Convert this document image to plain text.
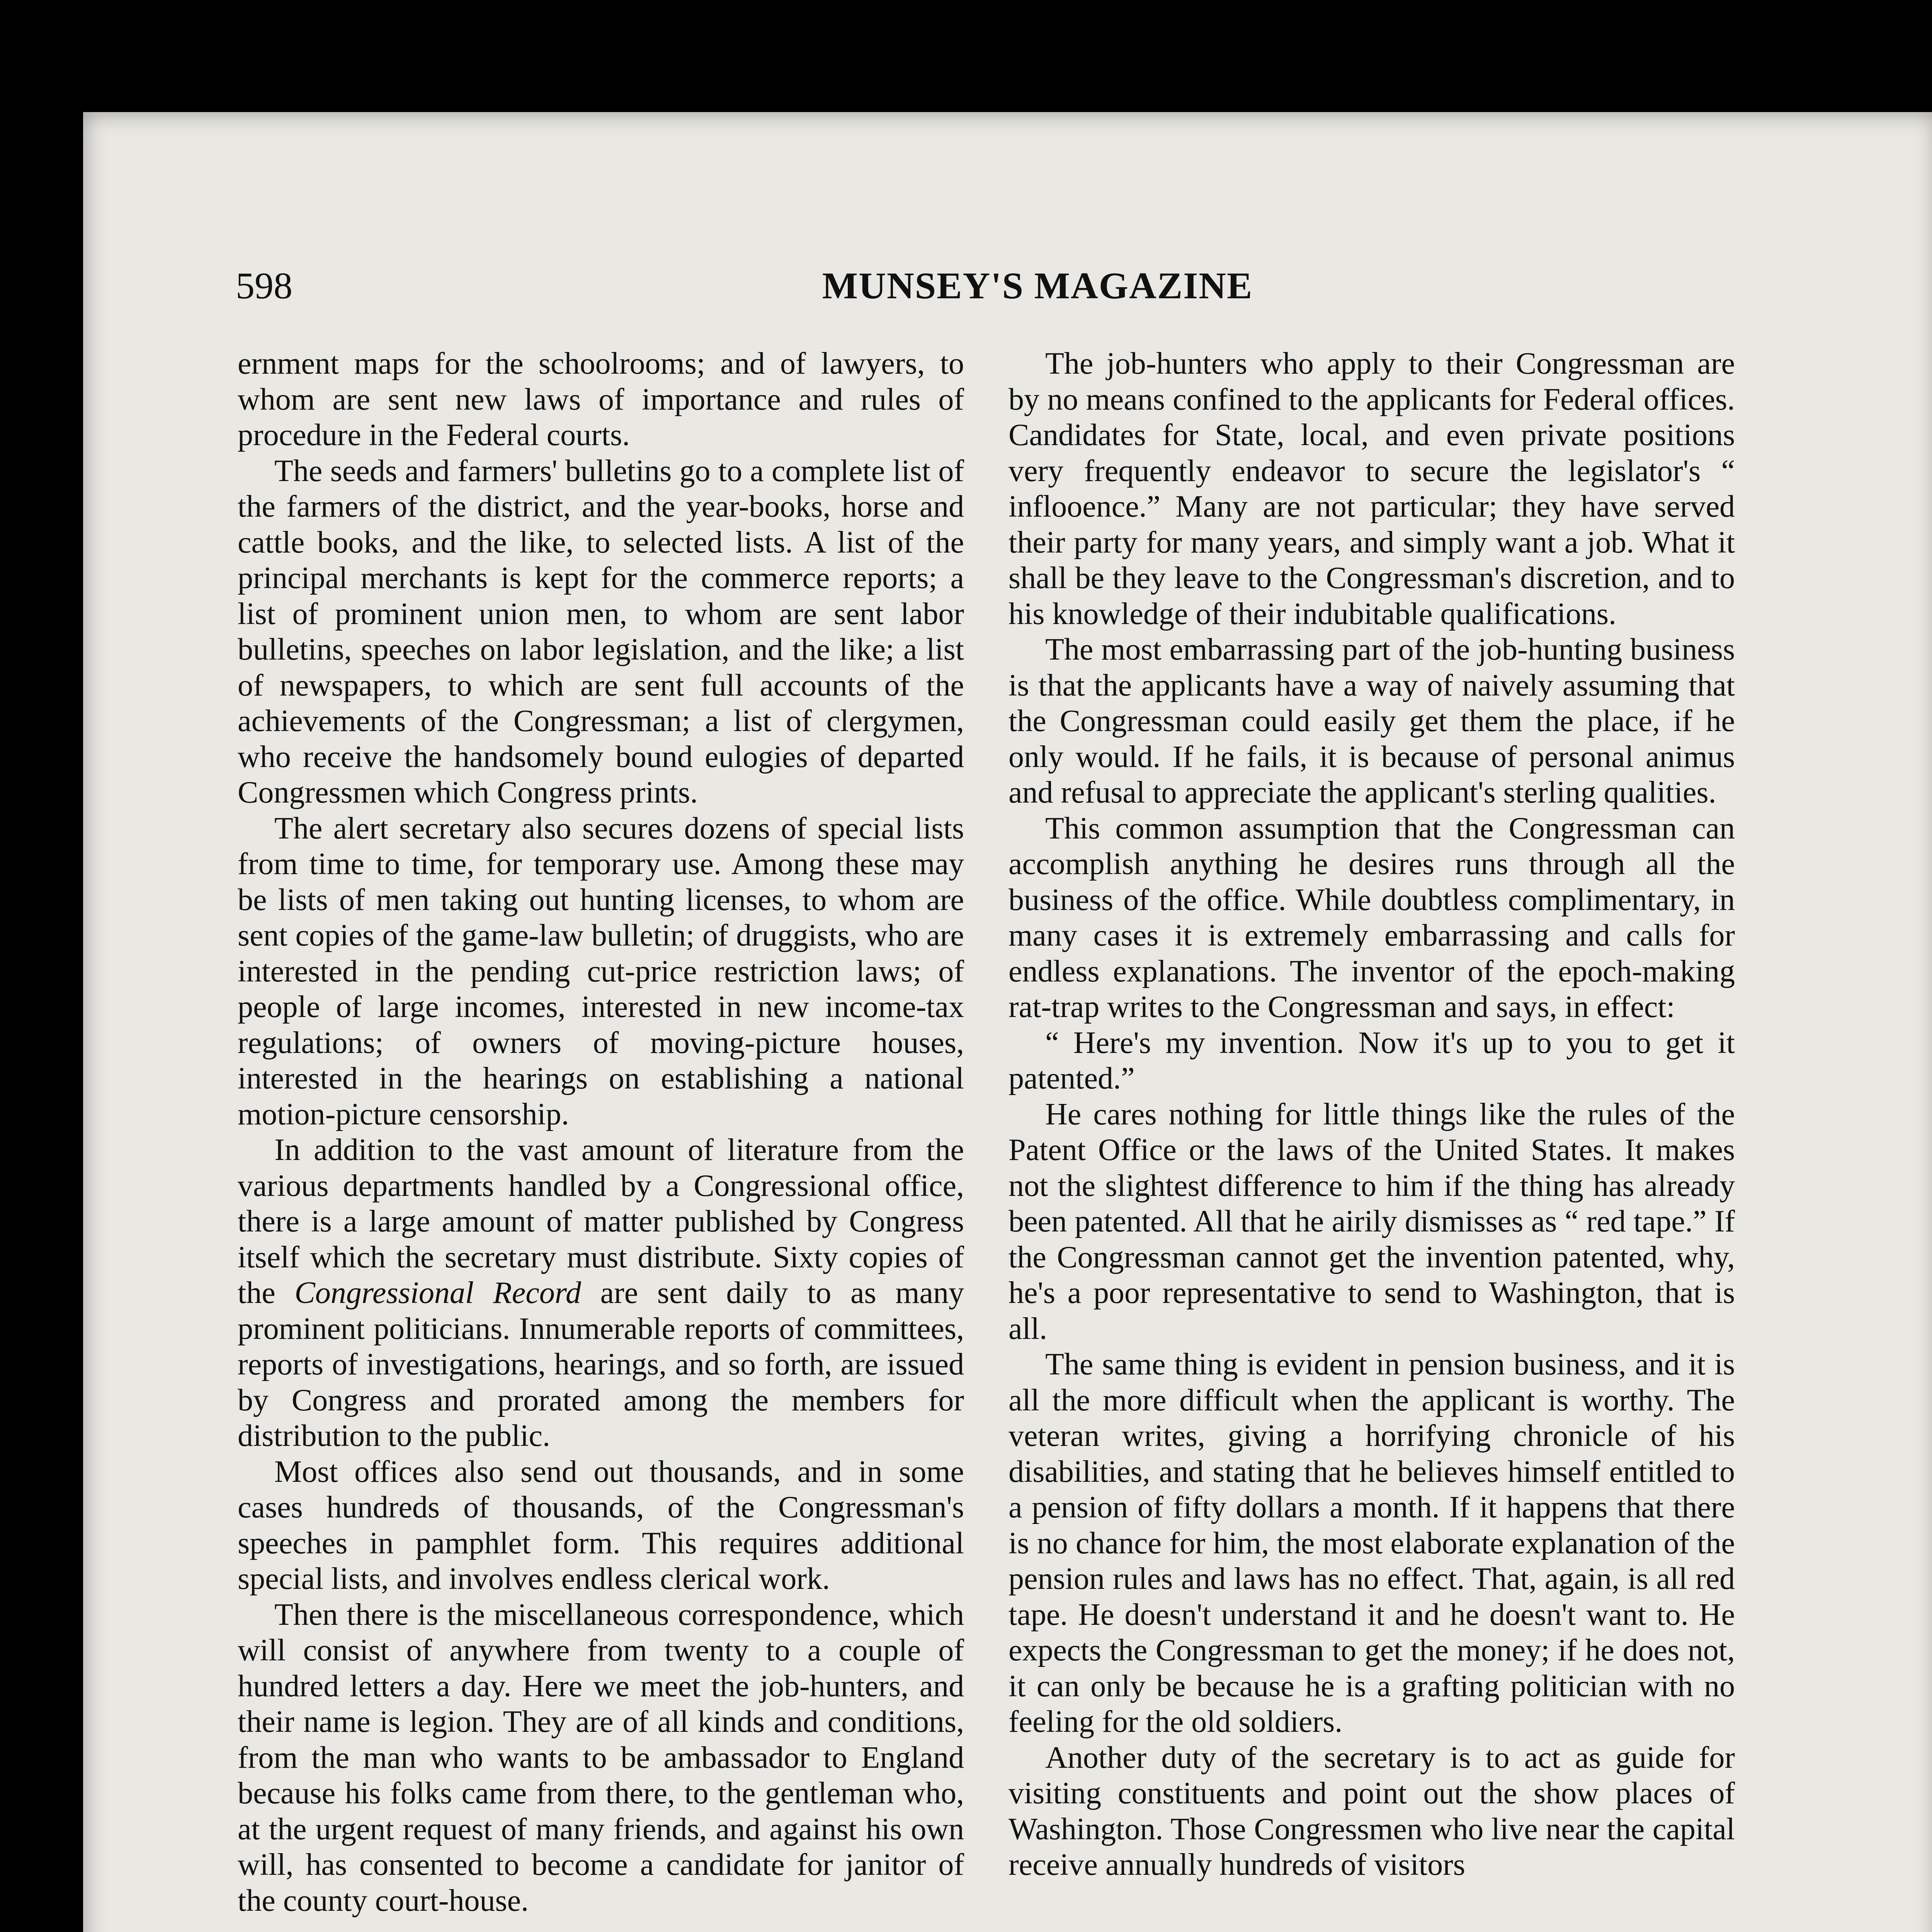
598	MUNSEY'S MAGAZINE

ernment maps for the schoolrooms; and of lawyers, to whom are sent new laws of importance and rules of procedure in the Federal courts.

The seeds and farmers' bulletins go to a complete list of the farmers of the district, and the year-books, horse and cattle books, and the like, to selected lists. A list of the principal merchants is kept for the commerce reports; a list of prominent union men, to whom are sent labor bulletins, speeches on labor legislation, and the like; a list of newspapers, to which are sent full accounts of the achievements of the Congressman; a list of clergymen, who receive the handsomely bound eulogies of departed Congressmen which Congress prints.

The alert secretary also secures dozens of special lists from time to time, for temporary use. Among these may be lists of men taking out hunting licenses, to whom are sent copies of the game-law bulletin; of druggists, who are interested in the pending cut-price restriction laws; of people of large incomes, interested in new income-tax regulations; of owners of moving-picture houses, interested in the hearings on establishing a national motion-picture censorship.

In addition to the vast amount of literature from the various departments handled by a Congressional office, there is a large amount of matter published by Congress itself which the secretary must distribute. Sixty copies of the Congressional Record are sent daily to as many prominent politicians. Innumerable reports of committees, reports of investigations, hearings, and so forth, are issued by Congress and prorated among the members for distribution to the public.

Most offices also send out thousands, and in some cases hundreds of thousands, of the Congressman's speeches in pamphlet form. This requires additional special lists, and involves endless clerical work.

Then there is the miscellaneous correspondence, which will consist of anywhere from twenty to a couple of hundred letters a day. Here we meet the job-hunters, and their name is legion. They are of all kinds and conditions, from the man who wants to be ambassador to England because his folks came from there, to the gentleman who, at the urgent request of many friends, and against his own will, has consented to become a candidate for janitor of the county court-house.

The job-hunters who apply to their Congressman are by no means confined to the applicants for Federal offices. Candidates for State, local, and even private positions very frequently endeavor to secure the legislator's “ inflooence.” Many are not particular; they have served their party for many years, and simply want a job. What it shall be they leave to the Congressman's discretion, and to his knowledge of their indubitable qualifications.

The most embarrassing part of the job-hunting business is that the applicants have a way of naively assuming that the Congressman could easily get them the place, if he only would. If he fails, it is because of personal animus and refusal to appreciate the applicant's sterling qualities.

This common assumption that the Congressman can accomplish anything he desires runs through all the business of the office. While doubtless complimentary, in many cases it is extremely embarrassing and calls for endless explanations. The inventor of the epoch-making rat-trap writes to the Congressman and says, in effect:

“ Here's my invention. Now it's up to you to get it patented.”

He cares nothing for little things like the rules of the Patent Office or the laws of the United States. It makes not the slightest difference to him if the thing has already been patented. All that he airily dismisses as “ red tape.” If the Congressman cannot get the invention patented, why, he's a poor representative to send to Washington, that is all.

The same thing is evident in pension business, and it is all the more difficult when the applicant is worthy. The veteran writes, giving a horrifying chronicle of his disabilities, and stating that he believes himself entitled to a pension of fifty dollars a month. If it happens that there is no chance for him, the most elaborate explanation of the pension rules and laws has no effect. That, again, is all red tape. He doesn't understand it and he doesn't want to. He expects the Congressman to get the money; if he does not, it can only be because he is a grafting politician with no feeling for the old soldiers.

Another duty of the secretary is to act as guide for visiting constituents and point out the show places of Washington. Those Congressmen who live near the capital receive annually hundreds of visitors
